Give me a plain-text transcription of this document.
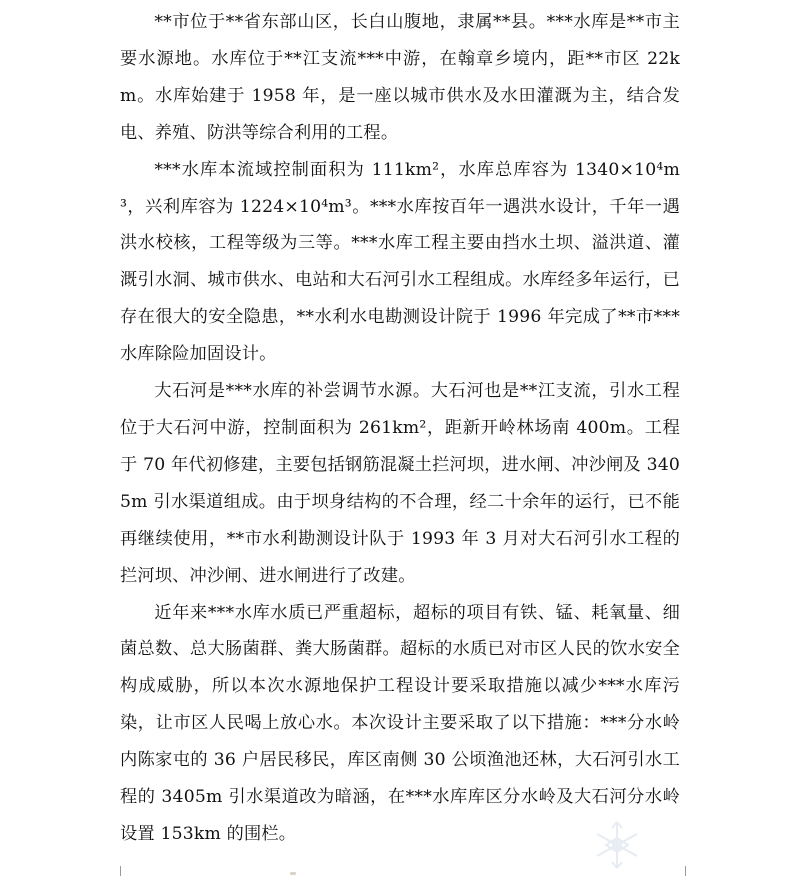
**市位于**省东部山区，长白山腹地，隶属**县。***水库是**市主要水源地。水库位于**江支流***中游，在翰章乡境内，距**市区 22km。水库始建于 1958 年，是一座以城市供水及水田灌溉为主，结合发电、养殖、防洪等综合利用的工程。

***水库本流域控制面积为 111km²，水库总库容为 1340×10⁴m³，兴利库容为 1224×10⁴m³。***水库按百年一遇洪水设计，千年一遇洪水校核，工程等级为三等。***水库工程主要由挡水土坝、溢洪道、灌溉引水洞、城市供水、电站和大石河引水工程组成。水库经多年运行，已存在很大的安全隐患，**水利水电勘测设计院于 1996 年完成了**市***水库除险加固设计。

大石河是***水库的补尝调节水源。大石河也是**江支流，引水工程位于大石河中游，控制面积为 261km²，距新开岭林场南 400m。工程于 70 年代初修建，主要包括钢筋混凝土拦河坝，进水闸、冲沙闸及 3405m 引水渠道组成。由于坝身结构的不合理，经二十余年的运行，已不能再继续使用，**市水利勘测设计队于 1993 年 3 月对大石河引水工程的拦河坝、冲沙闸、进水闸进行了改建。

近年来***水库水质已严重超标，超标的项目有铁、锰、耗氧量、细菌总数、总大肠菌群、粪大肠菌群。超标的水质已对市区人民的饮水安全构成威胁，所以本次水源地保护工程设计要采取措施以减少***水库污染，让市区人民喝上放心水。本次设计主要采取了以下措施：***分水岭内陈家屯的 36 户居民移民，库区南侧 30 公顷渔池还林，大石河引水工程的 3405m 引水渠道改为暗涵，在***水库库区分水岭及大石河分水岭设置 153km 的围栏。
